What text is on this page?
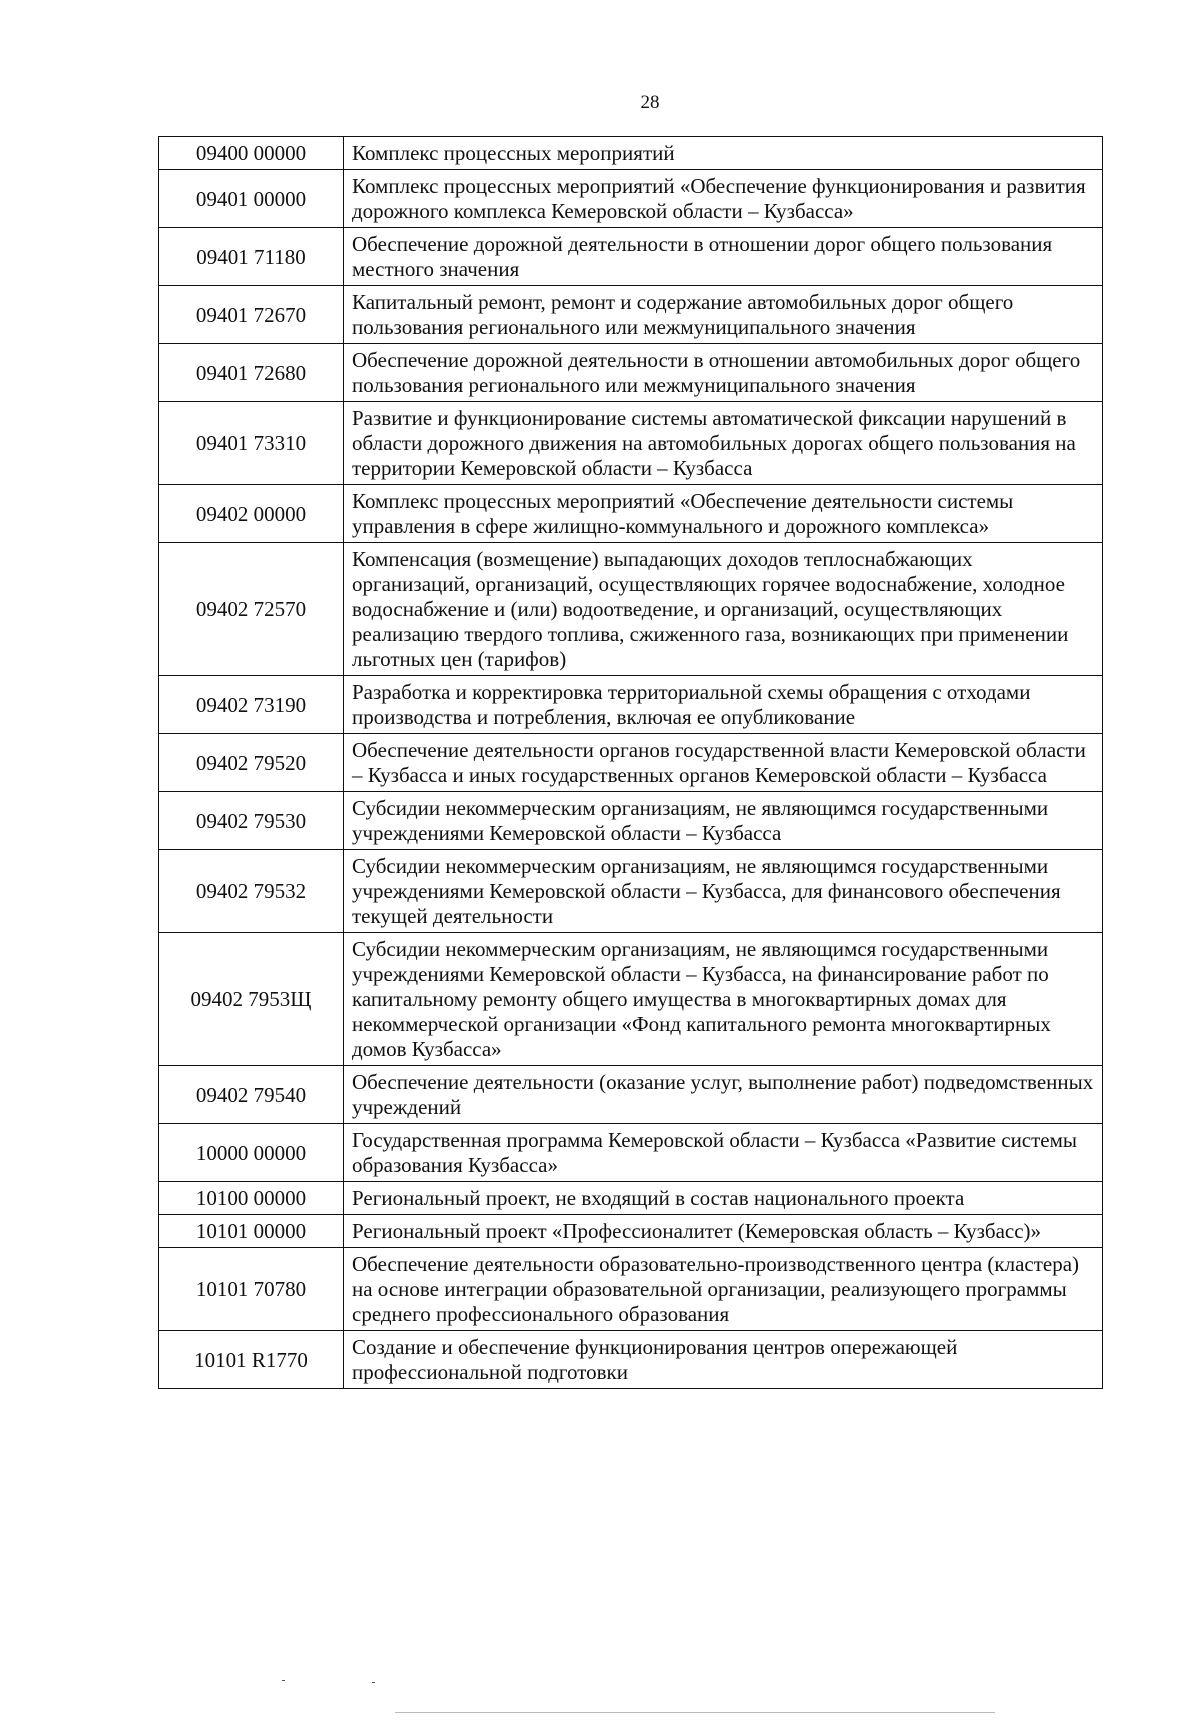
28
09400 00000	Комплекс процессных мероприятий
09401 00000	Комплекс процессных мероприятий «Обеспечение функционирования и развития дорожного комплекса Кемеровской области – Кузбасса»
09401 71180	Обеспечение дорожной деятельности в отношении дорог общего пользования местного значения
09401 72670	Капитальный ремонт, ремонт и содержание автомобильных дорог общего пользования регионального или межмуниципального значения
09401 72680	Обеспечение дорожной деятельности в отношении автомобильных дорог общего пользования регионального или межмуниципального значения
09401 73310	Развитие и функционирование системы автоматической фиксации нарушений в области дорожного движения на автомобильных дорогах общего пользования на территории Кемеровской области – Кузбасса
09402 00000	Комплекс процессных мероприятий «Обеспечение деятельности системы управления в сфере жилищно-коммунального и дорожного комплекса»
09402 72570	Компенсация (возмещение) выпадающих доходов теплоснабжающих организаций, организаций, осуществляющих горячее водоснабжение, холодное водоснабжение и (или) водоотведение, и организаций, осуществляющих реализацию твердого топлива, сжиженного газа, возникающих при применении льготных цен (тарифов)
09402 73190	Разработка и корректировка территориальной схемы обращения с отходами производства и потребления, включая ее опубликование
09402 79520	Обеспечение деятельности органов государственной власти Кемеровской области – Кузбасса и иных государственных органов Кемеровской области – Кузбасса
09402 79530	Субсидии некоммерческим организациям, не являющимся государственными учреждениями Кемеровской области – Кузбасса
09402 79532	Субсидии некоммерческим организациям, не являющимся государственными учреждениями Кемеровской области – Кузбасса, для финансового обеспечения текущей деятельности
09402 7953Щ	Субсидии некоммерческим организациям, не являющимся государственными учреждениями Кемеровской области – Кузбасса, на финансирование работ по капитальному ремонту общего имущества в многоквартирных домах для некоммерческой организации «Фонд капитального ремонта многоквартирных домов Кузбасса»
09402 79540	Обеспечение деятельности (оказание услуг, выполнение работ) подведомственных учреждений
10000 00000	Государственная программа Кемеровской области – Кузбасса «Развитие системы образования Кузбасса»
10100 00000	Региональный проект, не входящий в состав национального проекта
10101 00000	Региональный проект «Профессионалитет (Кемеровская область – Кузбасс)»
10101 70780	Обеспечение деятельности образовательно-производственного центра (кластера) на основе интеграции образовательной организации, реализующего программы среднего профессионального образования
10101 R1770	Создание и обеспечение функционирования центров опережающей профессиональной подготовки
